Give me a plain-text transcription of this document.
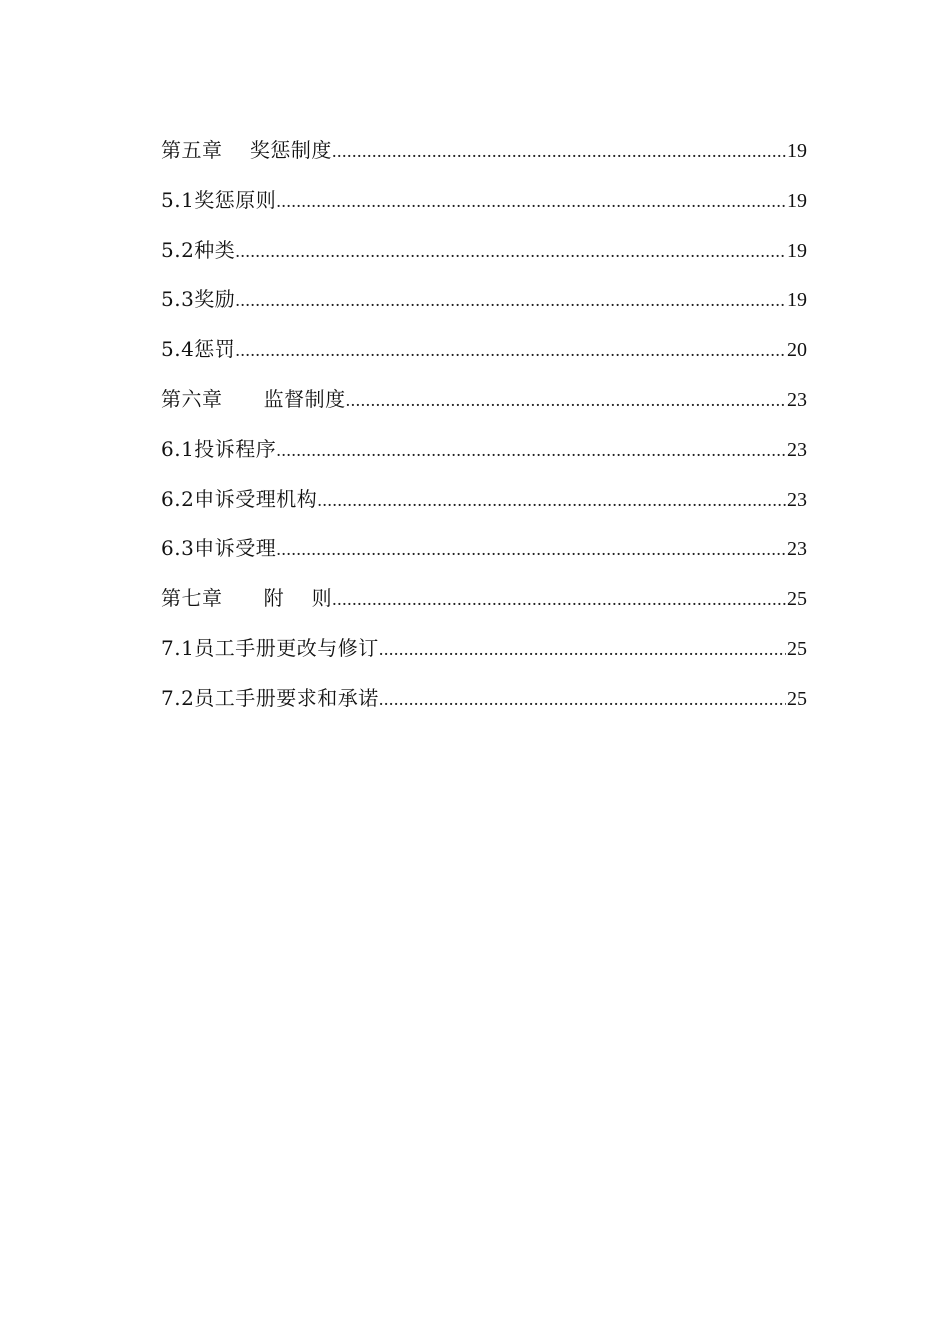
第五章    奖惩制度 .....	19
5.1奖惩原则 .....	19
5.2种类 .....	19
5.3奖励 .....	19
5.4惩罚 .....	20
第六章      监督制度 .....	23
6.1投诉程序 .....	23
6.2申诉受理机构 .....	23
6.3申诉受理 .....	23
第七章      附    则 .....	25
7.1员工手册更改与修订 .....	25
7.2员工手册要求和承诺 .....	25
